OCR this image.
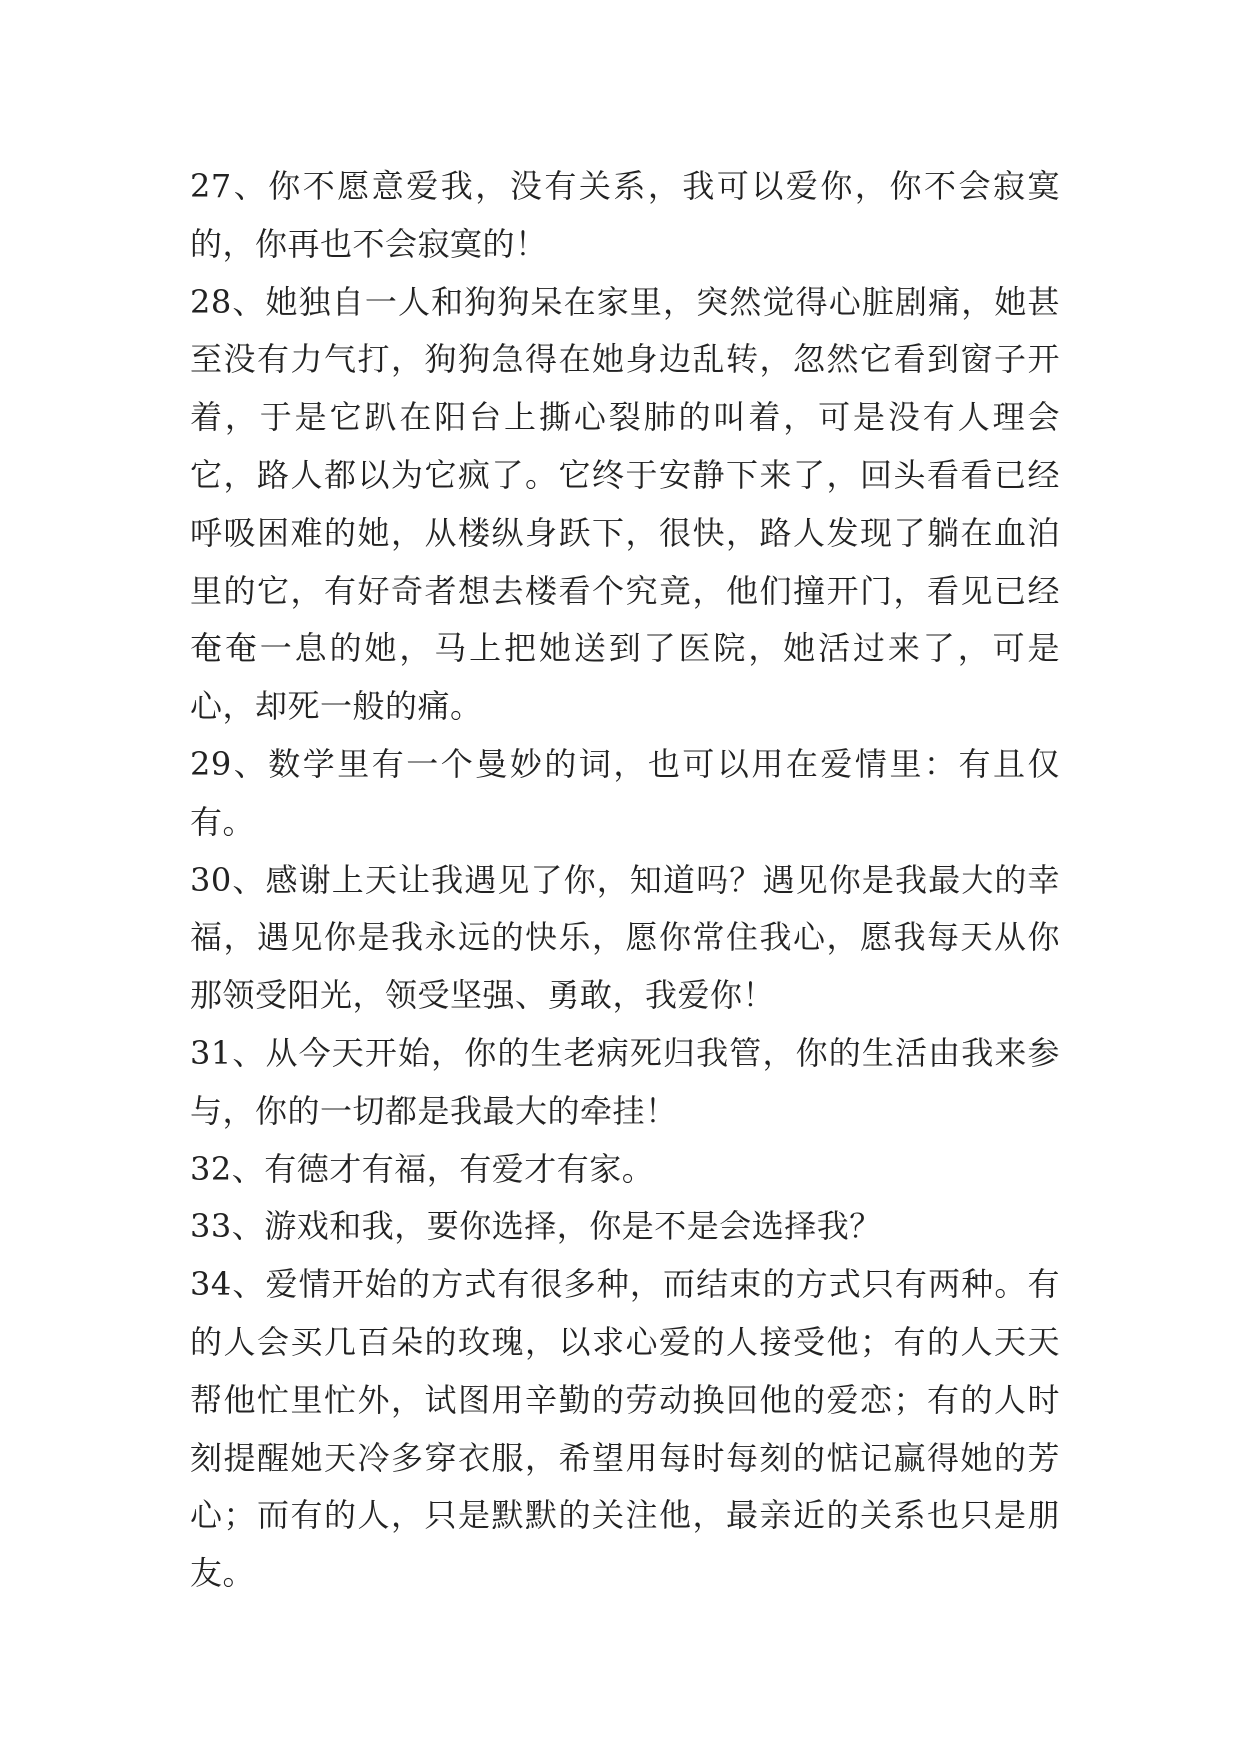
27、你不愿意爱我，没有关系，我可以爱你，你不会寂寞的，你再也不会寂寞的！

28、她独自一人和狗狗呆在家里，突然觉得心脏剧痛，她甚至没有力气打，狗狗急得在她身边乱转，忽然它看到窗子开着，于是它趴在阳台上撕心裂肺的叫着，可是没有人理会它，路人都以为它疯了。它终于安静下来了，回头看看已经呼吸困难的她，从楼纵身跃下，很快，路人发现了躺在血泊里的它，有好奇者想去楼看个究竟，他们撞开门，看见已经奄奄一息的她，马上把她送到了医院，她活过来了，可是心，却死一般的痛。

29、数学里有一个曼妙的词，也可以用在爱情里：有且仅有。

30、感谢上天让我遇见了你，知道吗？遇见你是我最大的幸福，遇见你是我永远的快乐，愿你常住我心，愿我每天从你那领受阳光，领受坚强、勇敢，我爱你！

31、从今天开始，你的生老病死归我管，你的生活由我来参与，你的一切都是我最大的牵挂！

32、有德才有福，有爱才有家。

33、游戏和我，要你选择，你是不是会选择我？

34、爱情开始的方式有很多种，而结束的方式只有两种。有的人会买几百朵的玫瑰，以求心爱的人接受他；有的人天天帮他忙里忙外，试图用辛勤的劳动换回他的爱恋；有的人时刻提醒她天冷多穿衣服，希望用每时每刻的惦记赢得她的芳心；而有的人，只是默默的关注他，最亲近的关系也只是朋友。
